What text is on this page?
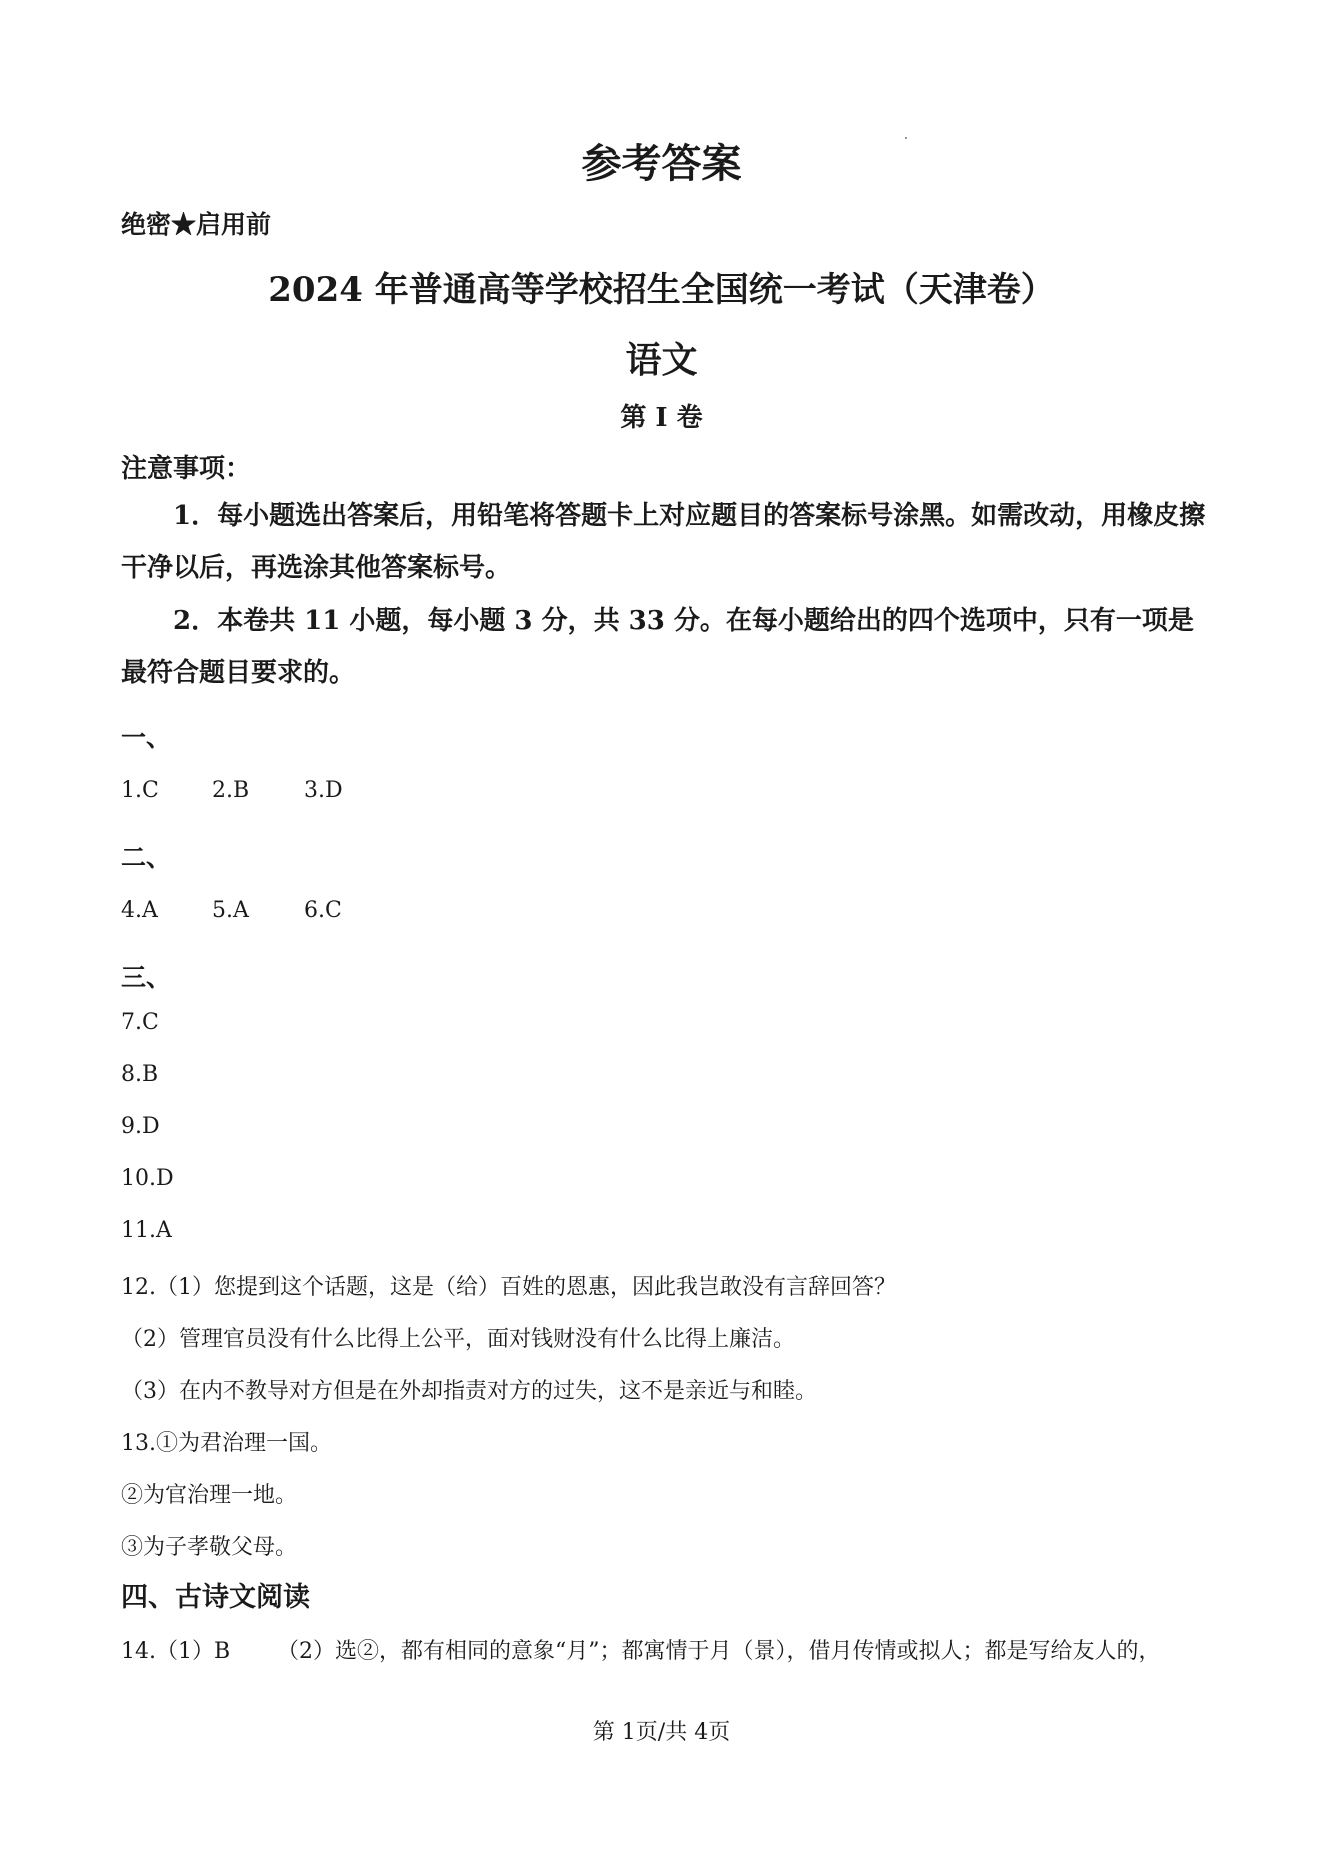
参考答案
绝密★启用前
2024 年普通高等学校招生全国统一考试（天津卷）
语文
第 I 卷
注意事项：
1．每小题选出答案后，用铅笔将答题卡上对应题目的答案标号涂黑。如需改动，用橡皮擦干净以后，再选涂其他答案标号。
2．本卷共 11 小题，每小题 3 分，共 33 分。在每小题给出的四个选项中，只有一项是最符合题目要求的。
一、
1.C 2.B 3.D
二、
4.A 5.A	6.C
三、
7.C
8.B
9.D
10.D
11.A
12.（1）您提到这个话题，这是（给）百姓的恩惠，因此我岂敢没有言辞回答？
（2）管理官员没有什么比得上公平，面对钱财没有什么比得上廉洁。
（3）在内不教导对方但是在外却指责对方的过失，这不是亲近与和睦。
13.①为君治理一国。
②为官治理一地。
③为子孝敬父母。
四、古诗文阅读
14.（1）B （2）选②，都有相同的意象“月”；都寓情于月（景），借月传情或拟人；都是写给友人的，
第 1页/共 4页
